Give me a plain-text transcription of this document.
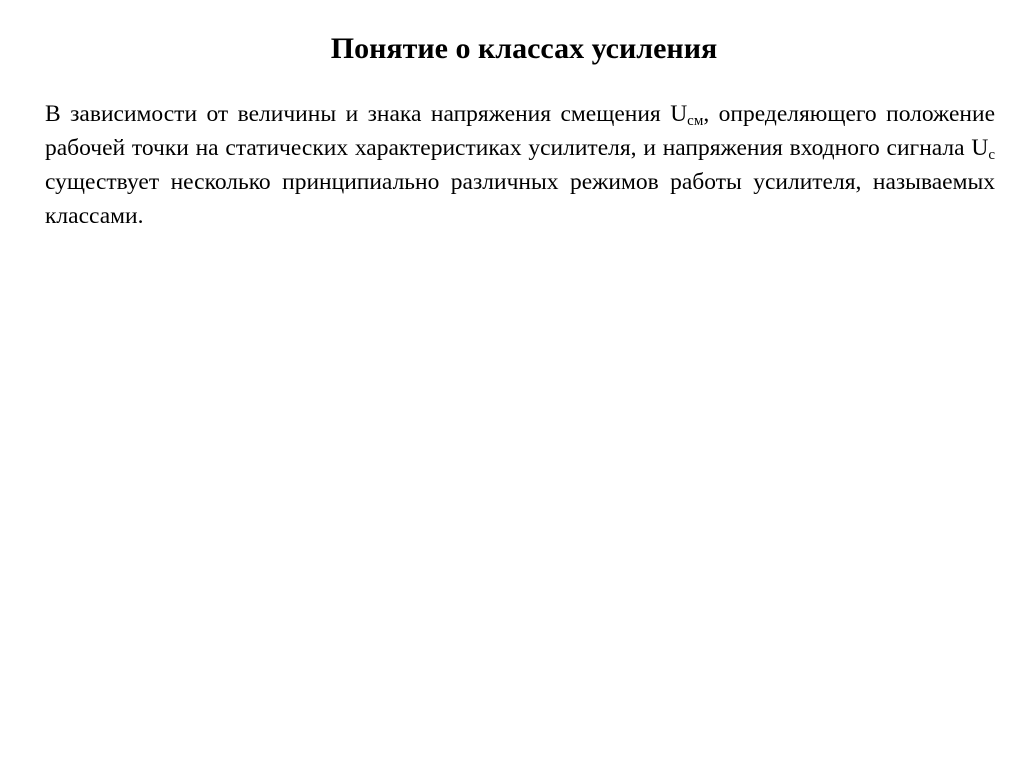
Понятие о классах усиления

В зависимости от величины и знака напряжения смещения $U_{см}$, определяющего положение рабочей точки на статических характеристиках усилителя, и напряжения входного сигнала $U_с$ существует несколько принципиально различных режимов работы усилителя, называемых классами.
